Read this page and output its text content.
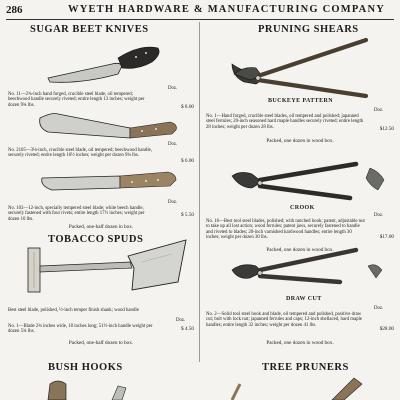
286	WYETH HARDWARE & MANUFACTURING COMPANY
SUGAR BEET KNIVES
Doz.
No. 11—2¾-inch hand forged, crucible steel blade, oil tempered; beechwood handle securely riveted; entire length 13 inches; weight per dozen 9¾ lbs.	$ 8.00
Doz.
No. 2105—3⅛-inch, crucible steel blade, oil tempered; beechwood handle, securely riveted; entire length 16½ inches; weight per dozen 9¾ lbs.
$ 6.00
Doz.
No. 103—12-inch, specially tempered steel blade; white beech handle, securely fastened with four rivets; entire length 17½ inches; weight per dozen 10 lbs.
$ 5.50
Packed, one-half dozen in box.
TOBACCO SPUDS
Best steel blade, polished, ½-inch temper finish shank; wood handle
Doz.
No. 1—Blade 2¾ inches wide, 18 inches long; 51½-inch handle weight per dozen 5¾ lbs.	$ 4.50
Packed, one-half dozen to box.
BUSH HOOKS
PRUNING SHEARS
BUCKEYE PATTERN
Doz.
No. 1—Hand forged, crucible steel blades, oil tempered and polished; japanned steel ferrules; 20-inch seasoned hard maple handles securely riveted; entire length 28 inches; weight per dozen 28 lbs.	$12.50
Packed, one dozen in wood box.
CROOK
Doz.
No. 16—Best tool steel blades, polished; with notched hook; patent, adjustable nut to take up all lost action; wood ferrules; patent jaws, securely fastened to handle and riveted to blades; 20-inch varnished hardwood handles; entire length 30 inches; weight per dozen 30 lbs.	$17.00
Packed, one dozen in wood box.
DRAW CUT
Doz.
No. 2—Solid tool steel hook and blade, oil tempered and polished, positive draw cut; bolt with lock nut; japanned ferrules and caps; 12-inch shellaced, hard maple handles; entire length 32 inches; weight per dozen 41 lbs.
$28.00
Packed, one dozen in wood box.
TREE PRUNERS
